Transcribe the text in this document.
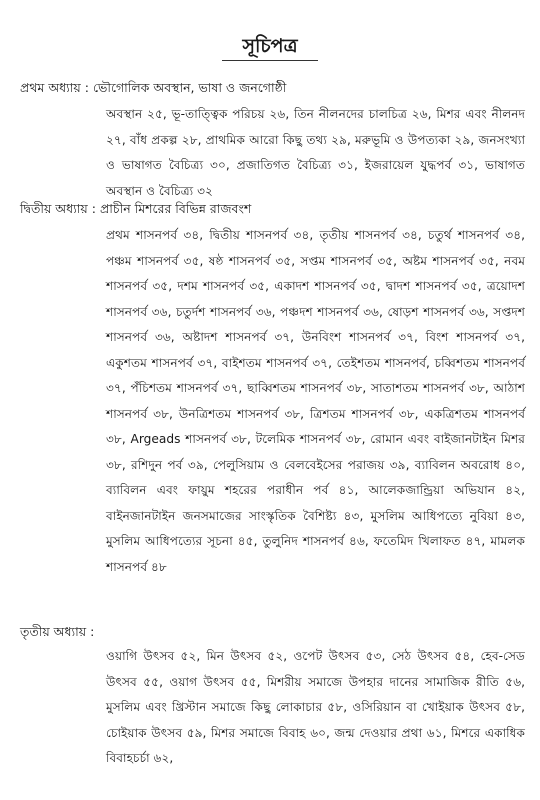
সূচিপত্র
প্রথম অধ্যায় : ভৌগোলিক অবস্থান, ভাষা ও জনগোষ্ঠী
অবস্থান ২৫, ভূ-তাত্ত্বিক পরিচয় ২৬, তিন নীলনদের চালচিত্র ২৬, মিশর এবং নীলনদ ২৭, বাঁধ প্রকল্প ২৮, প্রাথমিক আরো কিছু তথ্য ২৯, মরুভূমি ও উপত্যকা ২৯, জনসংখ্যা ও ভাষাগত বৈচিত্র্য ৩০, প্রজাতিগত বৈচিত্র্য ৩১, ইজরায়েল যুদ্ধপর্ব ৩১, ভাষাগত অবস্থান ও বৈচিত্র্য ৩২
দ্বিতীয় অধ্যায় : প্রাচীন মিশরের বিভিন্ন রাজবংশ
প্রথম শাসনপর্ব ৩৪, দ্বিতীয় শাসনপর্ব ৩৪, তৃতীয় শাসনপর্ব ৩৪, চতুর্থ শাসনপর্ব ৩৪, পঞ্চম শাসনপর্ব ৩৫, ষষ্ঠ শাসনপর্ব ৩৫, সপ্তম শাসনপর্ব ৩৫, অষ্টম শাসনপর্ব ৩৫, নবম শাসনপর্ব ৩৫, দশম শাসনপর্ব ৩৫, একাদশ শাসনপর্ব ৩৫, দ্বাদশ শাসনপর্ব ৩৫, ত্রয়োদশ শাসনপর্ব ৩৬, চতুর্দশ শাসনপর্ব ৩৬, পঞ্চদশ শাসনপর্ব ৩৬, ষোড়শ শাসনপর্ব ৩৬, সপ্তদশ শাসনপর্ব ৩৬, অষ্টাদশ শাসনপর্ব ৩৭, উনবিংশ শাসনপর্ব ৩৭, বিংশ শাসনপর্ব ৩৭, একুশতম শাসনপর্ব ৩৭, বাইশতম শাসনপর্ব ৩৭, তেইশতম শাসনপর্ব, চব্বিশতম শাসনপর্ব ৩৭, পঁচিশতম শাসনপর্ব ৩৭, ছাব্বিশতম শাসনপর্ব ৩৮, সাতাশতম শাসনপর্ব ৩৮, আঠাশ শাসনপর্ব ৩৮, উনত্রিশতম শাসনপর্ব ৩৮, ত্রিশতম শাসনপর্ব ৩৮, একত্রিশতম শাসনপর্ব ৩৮, Argeads শাসনপর্ব ৩৮, টলেমিক শাসনপর্ব ৩৮, রোমান এবং বাইজানটাইন মিশর ৩৮, রশিদুন পর্ব ৩৯, পেলুসিয়াম ও বেলবেইসের পরাজয় ৩৯, ব্যাবিলন অবরোধ ৪০, ব্যাবিলন এবং ফায়ুম শহরের পরাধীন পর্ব ৪১, আলেকজান্ড্রিয়া অভিযান ৪২, বাইনজানটাইন জনসমাজের সাংস্কৃতিক বৈশিষ্ট্য ৪৩, মুসলিম আধিপত্যে নুবিয়া ৪৩, মুসলিম আধিপত্যের সূচনা ৪৫, তুলুনিদ শাসনপর্ব ৪৬, ফতেমিদ খিলাফত ৪৭, মামলক শাসনপর্ব ৪৮
তৃতীয় অধ্যায় :
ওয়াগি উৎসব ৫২, মিন উৎসব ৫২, ওপেট উৎসব ৫৩, সেঠ উৎসব ৫৪, হেব-সেড উৎসব ৫৫, ওয়াগ উৎসব ৫৫, মিশরীয় সমাজে উপহার দানের সামাজিক রীতি ৫৬, মুসলিম এবং খ্রিস্টান সমাজে কিছু লোকাচার ৫৮, ওসিরিয়ান বা খোইয়াক উৎসব ৫৮, চোইয়াক উৎসব ৫৯, মিশর সমাজে বিবাহ ৬০, জন্ম দেওয়ার প্রথা ৬১, মিশরে একাধিক বিবাহচর্চা ৬২,
